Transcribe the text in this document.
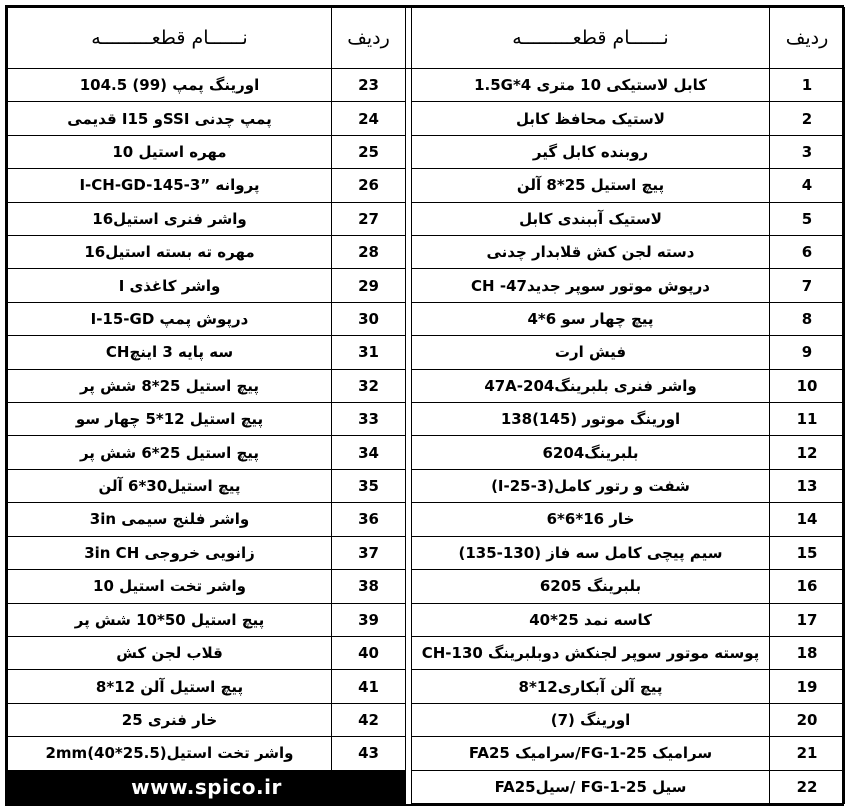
نــــــام قطعـــــــــه	ردیف		نــــــام قطعـــــــــه	ردیف
اورینگ پمپ (99) 104.5	23		کابل لاستیکی 10 متری 1.5G*4	1
پمپ چدنی SSIو I15 قدیمی	24		لاستیک محافظ کابل	2
مهره استیل 10	25		روبنده کابل گیر	3
پروانه ”I-CH-GD-145-3	26		پیچ استیل 25*8 آلن	4
واشر فنری استیل16	27		لاستیک آببندی کابل	5
مهره ته بسته استیل16	28		دسته لجن کش قلابدار چدنی	6
واشر کاغذی I	29		درپوش موتور سوپر جدید47- CH	7
درپوش پمپ I-15-GD	30		پیچ چهار سو 6*4	8
سه پایه 3 اینچCH	31		فیش ارت	9
پیچ استیل 25*8 شش پر	32		واشر فنری بلبرینگ47A-204	10
پیچ استیل 12*5 چهار سو	33		اورینگ موتور (145)138	11
پیچ استیل 25*6 شش پر	34		بلبرینگ6204	12
پیچ استیل30*6 آلن	35		شفت و رتور کامل(3-25-I)	13
واشر فلنج سیمی 3in	36		خار 16*6*6	14
زانویی خروجی 3in CH	37		سیم پیچی کامل سه فاز (130-135)	15
واشر تخت استیل 10	38		بلبرینگ 6205	16
پیچ استیل 50*10 شش پر	39		کاسه نمد 25*40	17
قلاب لجن کش	40		پوسته موتور سوپر لجنکش دوبلبرینگ CH-130	18
پیچ استیل آلن 12*8	41		پیچ آلن آبکاری12*8	19
خار فنری 25	42		اورینگ (7)	20
واشر تخت استیل(25.5*40)2mm	43		سرامیک FG-1-25/سرامیک FA25	21
www.spico.ir			سیل FG-1-25 /سیلFA25	22
